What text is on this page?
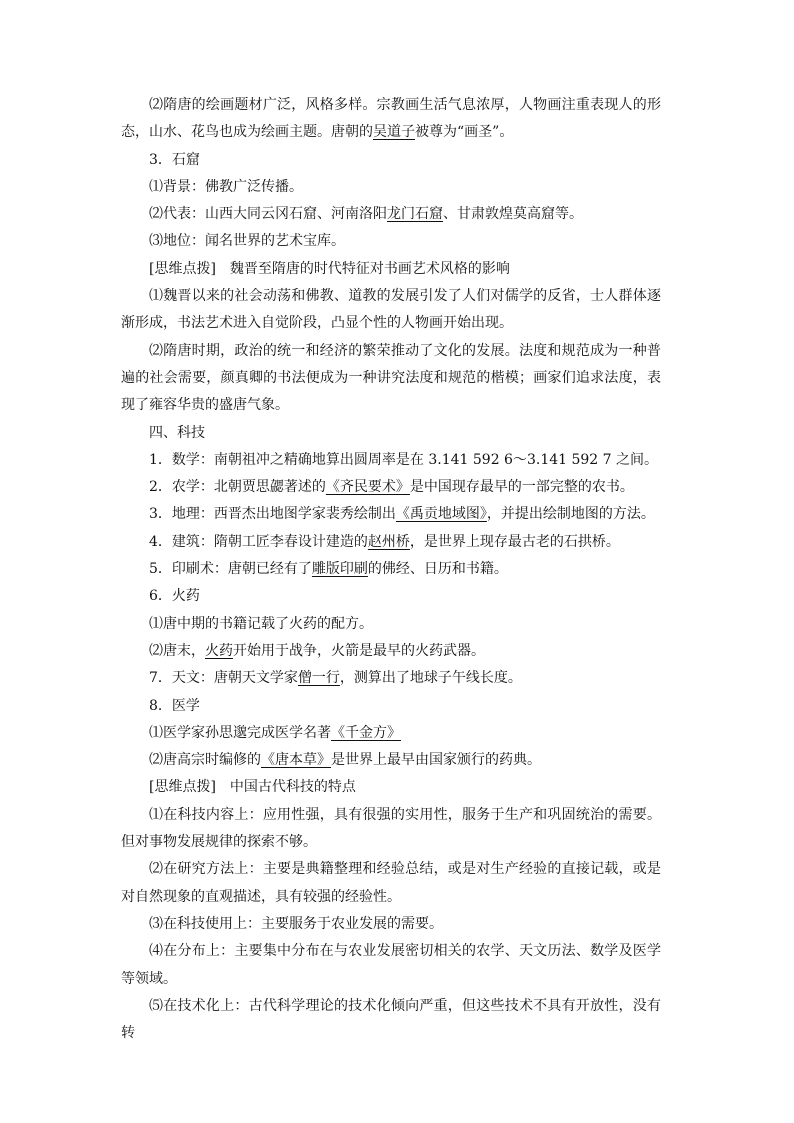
⑵隋唐的绘画题材广泛，风格多样。宗教画生活气息浓厚，人物画注重表现人的形态，山水、花鸟也成为绘画主题。唐朝的吴道子被尊为“画圣”。

3．石窟

⑴背景：佛教广泛传播。

⑵代表：山西大同云冈石窟、河南洛阳龙门石窟、甘肃敦煌莫高窟等。

⑶地位：闻名世界的艺术宝库。

[思维点拨]　魏晋至隋唐的时代特征对书画艺术风格的影响

⑴魏晋以来的社会动荡和佛教、道教的发展引发了人们对儒学的反省，士人群体逐渐形成，书法艺术进入自觉阶段，凸显个性的人物画开始出现。

⑵隋唐时期，政治的统一和经济的繁荣推动了文化的发展。法度和规范成为一种普遍的社会需要，颜真卿的书法便成为一种讲究法度和规范的楷模；画家们追求法度，表现了雍容华贵的盛唐气象。

四、科技

1．数学：南朝祖冲之精确地算出圆周率是在 3.141 592 6～3.141 592 7 之间。

2．农学：北朝贾思勰著述的《齐民要术》是中国现存最早的一部完整的农书。

3．地理：西晋杰出地图学家裴秀绘制出《禹贡地域图》，并提出绘制地图的方法。

4．建筑：隋朝工匠李春设计建造的赵州桥，是世界上现存最古老的石拱桥。

5．印刷术：唐朝已经有了雕版印刷的佛经、日历和书籍。

6．火药

⑴唐中期的书籍记载了火药的配方。

⑵唐末，火药开始用于战争，火箭是最早的火药武器。

7．天文：唐朝天文学家僧一行，测算出了地球子午线长度。

8．医学

⑴医学家孙思邈完成医学名著《千金方》

⑵唐高宗时编修的《唐本草》是世界上最早由国家颁行的药典。

[思维点拨]　中国古代科技的特点

⑴在科技内容上：应用性强，具有很强的实用性，服务于生产和巩固统治的需要。但对事物发展规律的探索不够。

⑵在研究方法上：主要是典籍整理和经验总结，或是对生产经验的直接记载，或是对自然现象的直观描述，具有较强的经验性。

⑶在科技使用上：主要服务于农业发展的需要。

⑷在分布上：主要集中分布在与农业发展密切相关的农学、天文历法、数学及医学等领域。

⑸在技术化上：古代科学理论的技术化倾向严重，但这些技术不具有开放性，没有转
